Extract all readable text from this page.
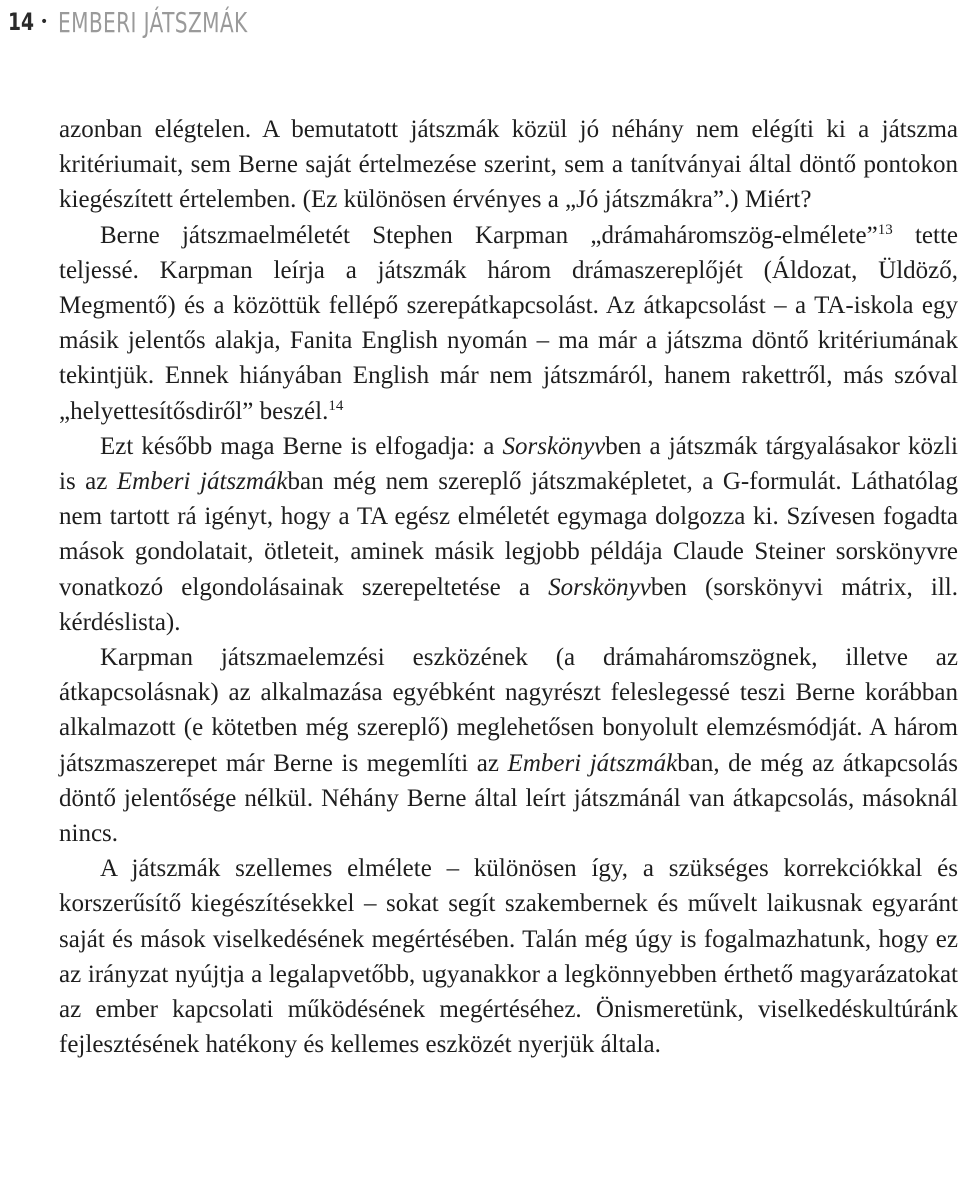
14 • EMBERI JÁTSZMÁK

azonban elégtelen. A bemutatott játszmák közül jó néhány nem elégíti ki a játszma kritériumait, sem Berne saját értelmezése szerint, sem a tanítványai által döntő pontokon kiegészített értelemben. (Ez különösen érvényes a „Jó játszmákra”.) Miért?

Berne játszmaelméletét Stephen Karpman „drámaháromszög-elmélete”$^{13}$ tette teljessé. Karpman leírja a játszmák három drámaszereplőjét (Áldozat, Üldöző, Megmentő) és a közöttük fellépő szerepátkapcsolást. Az átkapcsolást – a TA-iskola egy másik jelentős alakja, Fanita English nyomán – ma már a játszma döntő kritériumának tekintjük. Ennek hiányában English már nem játszmáról, hanem rakettről, más szóval „helyettesítősdiről” beszél.$^{14}$

Ezt később maga Berne is elfogadja: a Sorskönyvben a játszmák tárgyalásakor közli is az Emberi játszmákban még nem szereplő játszmaképletet, a G-formulát. Láthatólag nem tartott rá igényt, hogy a TA egész elméletét egymaga dolgozza ki. Szívesen fogadta mások gondolatait, ötleteit, aminek másik legjobb példája Claude Steiner sorskönyvre vonatkozó elgondolásainak szerepeltetése a Sorskönyvben (sorskönyvi mátrix, ill. kérdéslista).

Karpman játszmaelemzési eszközének (a drámaháromszögnek, illetve az átkapcsolásnak) az alkalmazása egyébként nagyrészt feleslegessé teszi Berne korábban alkalmazott (e kötetben még szereplő) meglehetősen bonyolult elemzésmódját. A három játszmaszerepet már Berne is megemlíti az Emberi játszmákban, de még az átkapcsolás döntő jelentősége nélkül. Néhány Berne által leírt játszmánál van átkapcsolás, másoknál nincs.

A játszmák szellemes elmélete – különösen így, a szükséges korrekciókkal és korszerűsítő kiegészítésekkel – sokat segít szakembernek és művelt laikusnak egyaránt saját és mások viselkedésének megértésében. Talán még úgy is fogalmazhatunk, hogy ez az irányzat nyújtja a legalapvetőbb, ugyanakkor a legkönnyebben érthető magyarázatokat az ember kapcsolati működésének megértéséhez. Önismeretünk, viselkedéskultúránk fejlesztésének hatékony és kellemes eszközét nyerjük általa.
